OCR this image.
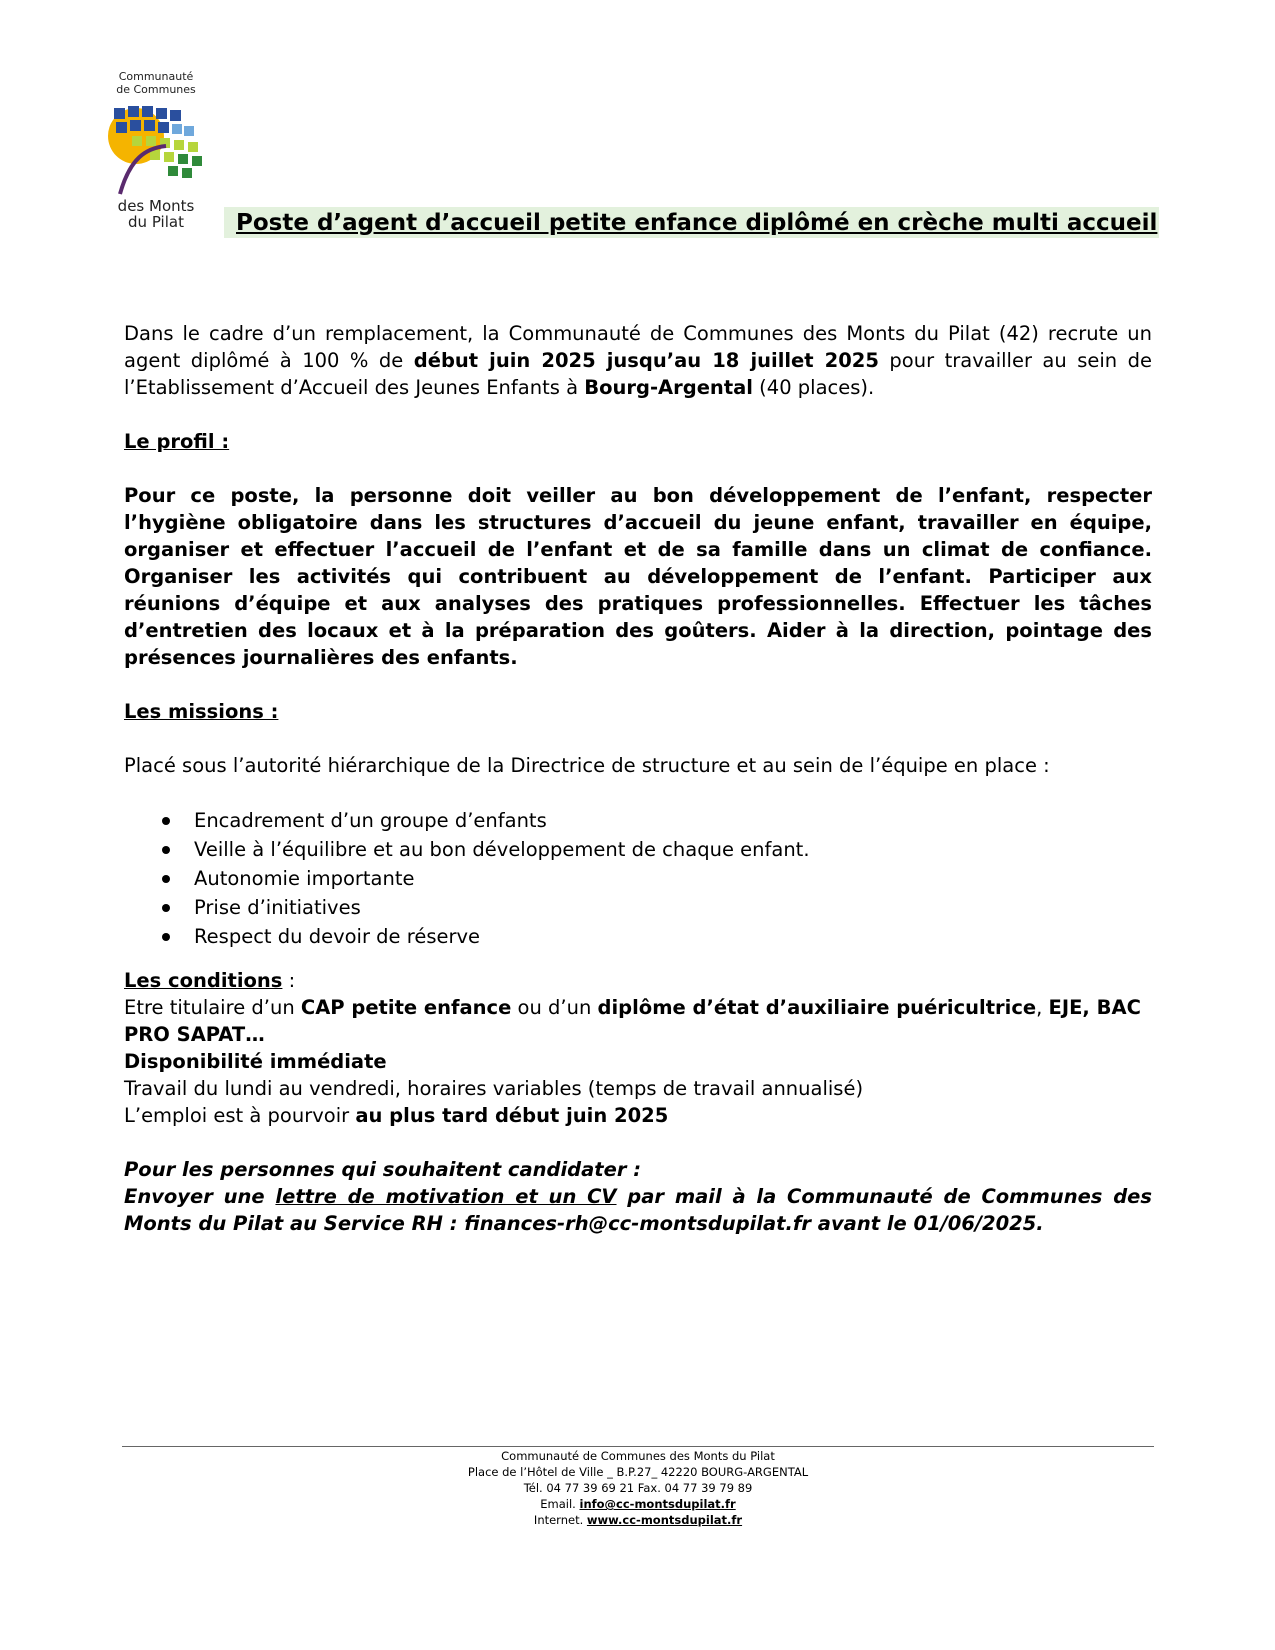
Communauté
de Communes
des Monts
du Pilat	Poste d’agent d’accueil petite enfance diplômé en crèche multi accueil

Dans le cadre d’un remplacement, la Communauté de Communes des Monts du Pilat (42) recrute un agent diplômé à 100 % de début juin 2025 jusqu’au 18 juillet 2025 pour travailler au sein de l’Etablissement d’Accueil des Jeunes Enfants à Bourg-Argental (40 places).

Le profil :

Pour ce poste, la personne doit veiller au bon développement de l’enfant, respecter l’hygiène obligatoire dans les structures d’accueil du jeune enfant, travailler en équipe, organiser et effectuer l’accueil de l’enfant et de sa famille dans un climat de confiance. Organiser les activités qui contribuent au développement de l’enfant. Participer aux réunions d’équipe et aux analyses des pratiques professionnelles. Effectuer les tâches d’entretien des locaux et à la préparation des goûters. Aider à la direction, pointage des présences journalières des enfants.

Les missions :

Placé sous l’autorité hiérarchique de la Directrice de structure et au sein de l’équipe en place :

Encadrement d’un groupe d’enfants
Veille à l’équilibre et au bon développement de chaque enfant.
Autonomie importante
Prise d’initiatives
Respect du devoir de réserve

Les conditions :

Etre titulaire d’un CAP petite enfance ou d’un diplôme d’état d’auxiliaire puéricultrice, EJE, BAC PRO SAPAT…

Disponibilité immédiate

Travail du lundi au vendredi, horaires variables (temps de travail annualisé)

L’emploi est à pourvoir au plus tard début juin 2025

Pour les personnes qui souhaitent candidater :

Envoyer une lettre de motivation et un CV par mail à la Communauté de Communes des Monts du Pilat au Service RH : finances-rh@cc-montsdupilat.fr avant le 01/06/2025.

Communauté de Communes des Monts du Pilat
Place de l’Hôtel de Ville _ B.P.27_ 42220 BOURG-ARGENTAL
Tél. 04 77 39 69 21 Fax. 04 77 39 79 89
Email. info@cc-montsdupilat.fr
Internet. www.cc-montsdupilat.fr
